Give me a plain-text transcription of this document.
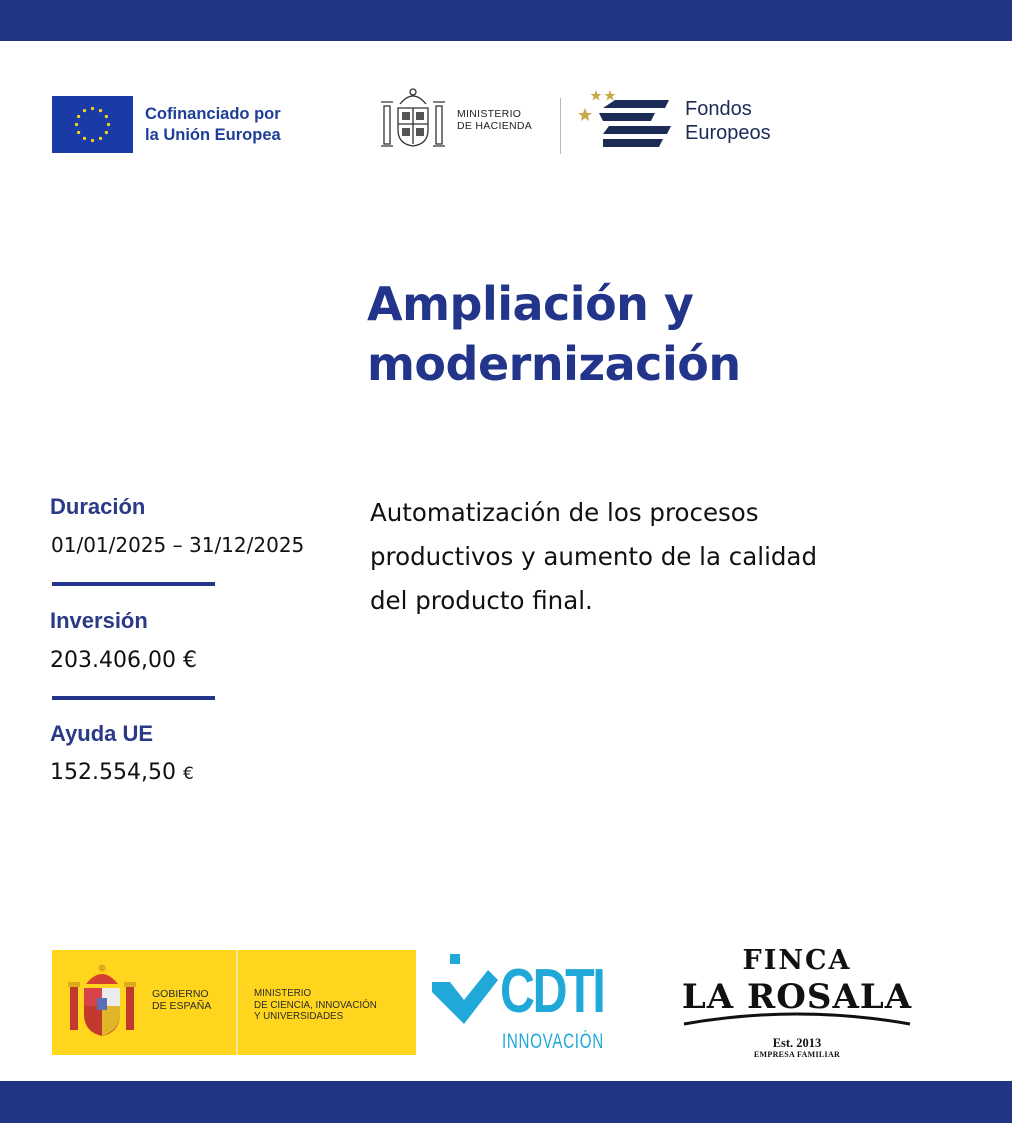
Cofinanciado por
la Unión Europea
MINISTERIO
DE HACIENDA
Fondos
Europeos
Ampliación y
modernización
Duración
01/01/2025 – 31/12/2025
Inversión
203.406,00 €
Ayuda UE
152.554,50 €
Automatización de los procesos
productivos y aumento de la calidad
del producto final.
GOBIERNO
DE ESPAÑA
MINISTERIO
DE CIENCIA, INNOVACIÓN
Y UNIVERSIDADES	CDTI
INNOVACIÓN
FINCA
LA ROSALA
Est. 2013
EMPRESA FAMILIAR
